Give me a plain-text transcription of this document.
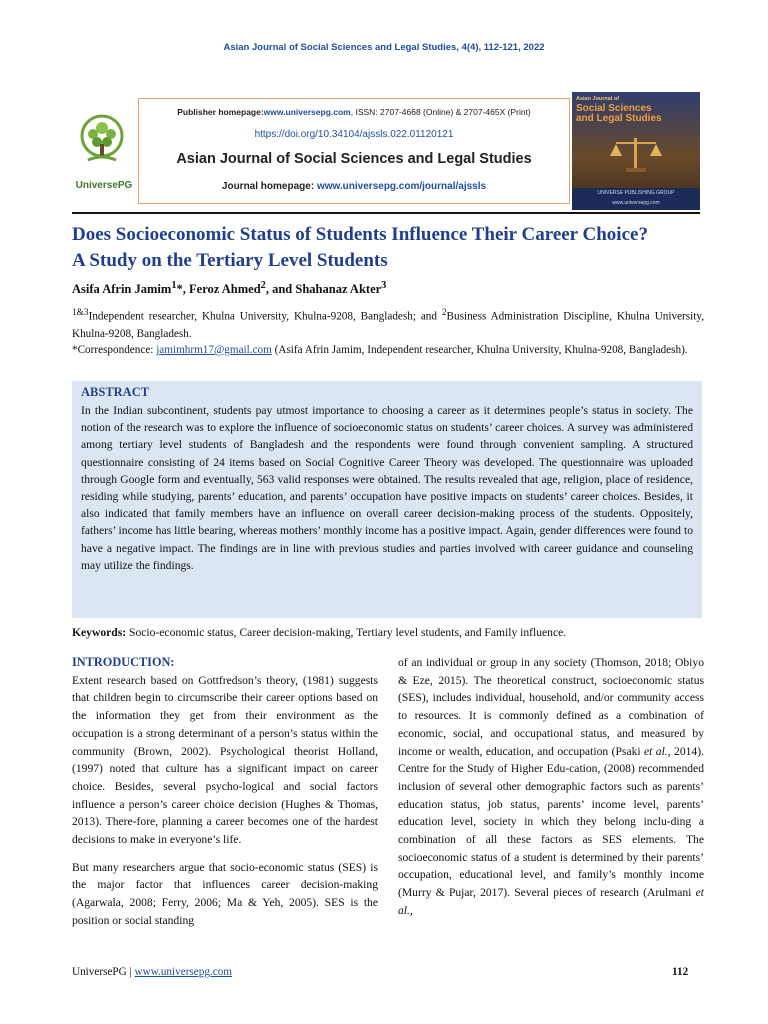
Asian Journal of Social Sciences and Legal Studies, 4(4), 112-121, 2022
UniversePG
Publisher homepage:www.universepg.com, ISSN: 2707-4668 (Online) & 2707-465X (Print)
https://doi.org/10.34104/ajssls.022.01120121
Asian Journal of Social Sciences and Legal Studies
Journal homepage: www.universepg.com/journal/ajssls
Asian Journal of
Social Sciences
and Legal Studies
UNIVERSE PUBLISHING GROUP
www.universepg.com
Does Socioeconomic Status of Students Influence Their Career Choice?
A Study on the Tertiary Level Students
Asifa Afrin Jamim$^1$*, Feroz Ahmed$^2$, and Shahanaz Akter$^3$
$^{1\&3}$Independent researcher, Khulna University, Khulna-9208, Bangladesh; and $^2$Business Administration Discipline, Khulna University, Khulna-9208, Bangladesh.
*Correspondence: jamimhrm17@gmail.com (Asifa Afrin Jamim, Independent researcher, Khulna University, Khulna-9208, Bangladesh).
ABSTRACT
In the Indian subcontinent, students pay utmost importance to choosing a career as it determines people’s status in society. The notion of the research was to explore the influence of socioeconomic status on students’ career choices. A survey was administered among tertiary level students of Bangladesh and the respondents were found through convenient sampling. A structured questionnaire consisting of 24 items based on Social Cognitive Career Theory was developed. The questionnaire was uploaded through Google form and eventually, 563 valid responses were obtained. The results revealed that age, religion, place of residence, residing while studying, parents’ education, and parents’ occupation have positive impacts on students’ career choices. Besides, it also indicated that family members have an influence on overall career decision-making process of the students. Oppositely, fathers’ income has little bearing, whereas mothers’ monthly income has a positive impact. Again, gender differences were found to have a negative impact. The findings are in line with previous studies and parties involved with career guidance and counseling may utilize the findings.
Keywords: Socio-economic status, Career decision-making, Tertiary level students, and Family influence.
INTRODUCTION:

Extent research based on Gottfredson’s theory, (1981) suggests that children begin to circumscribe their career options based on the information they get from their environment as the occupation is a strong determinant of a person’s status within the community (Brown, 2002). Psychological theorist Holland, (1997) noted that culture has a significant impact on career choice. Besides, several psycho-logical and social factors influence a person’s career choice decision (Hughes & Thomas, 2013). There-fore, planning a career becomes one of the hardest decisions to make in everyone’s life.

But many researchers argue that socio-economic status (SES) is the major factor that influences career decision-making (Agarwala, 2008; Ferry, 2006; Ma & Yeh, 2005). SES is the position or social standing

of an individual or group in any society (Thomson, 2018; Obiyo & Eze, 2015). The theoretical construct, socioeconomic status (SES), includes individual, household, and/or community access to resources. It is commonly defined as a combination of economic, social, and occupational status, and measured by income or wealth, education, and occupation (Psaki et al., 2014). Centre for the Study of Higher Edu-cation, (2008) recommended inclusion of several other demographic factors such as parents’ education status, job status, parents’ income level, parents’ education level, society in which they belong inclu-ding a combination of all these factors as SES elements. The socioeconomic status of a student is determined by their parents’ occupation, educational level, and family’s monthly income (Murry & Pujar, 2017). Several pieces of research (Arulmani et al.,

UniversePG | www.universepg.com	112
